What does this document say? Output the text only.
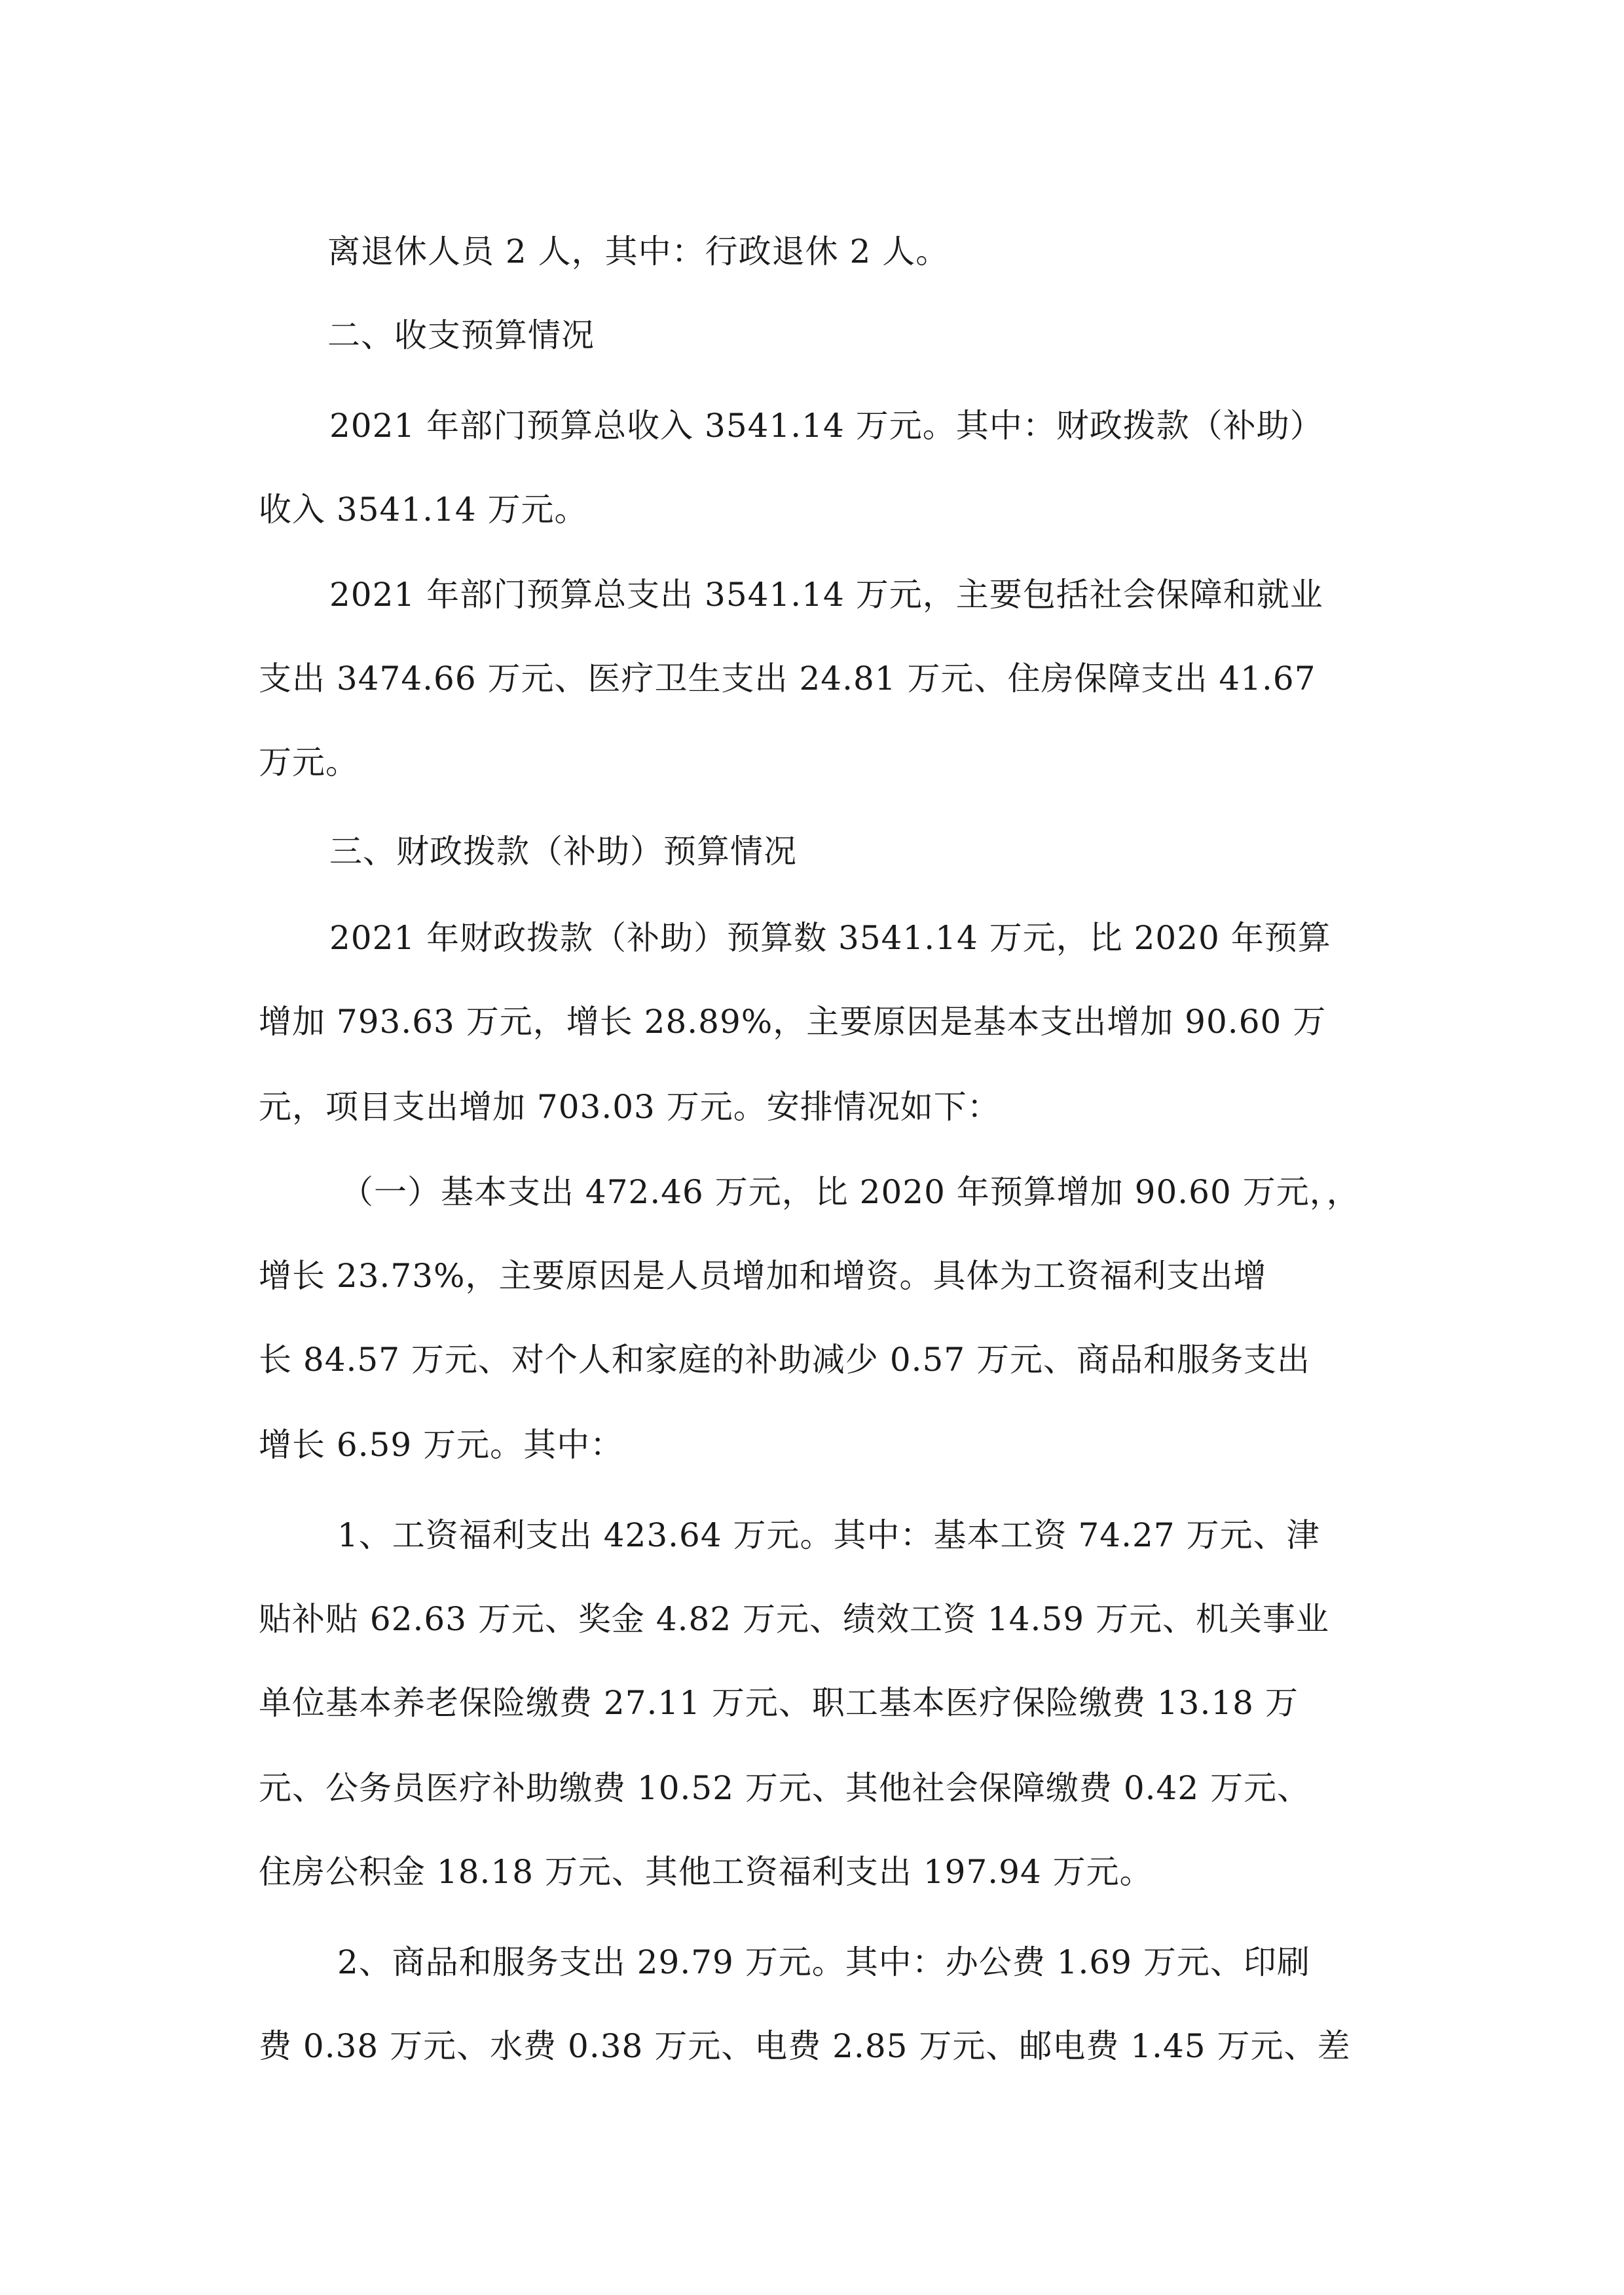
离退休人员 2 人，其中：行政退休 2 人。
二、收支预算情况
2021 年部门预算总收入 3541.14 万元。其中：财政拨款（补助）
收入 3541.14 万元。
2021 年部门预算总支出 3541.14 万元，主要包括社会保障和就业
支出 3474.66 万元、医疗卫生支出 24.81 万元、住房保障支出 41.67
万元。
三、财政拨款（补助）预算情况
2021 年财政拨款（补助）预算数 3541.14 万元，比 2020 年预算
增加 793.63 万元，增长 28.89%，主要原因是基本支出增加 90.60 万
元，项目支出增加 703.03 万元。安排情况如下：
（一）基本支出 472.46 万元，比 2020 年预算增加 90.60 万元，，
增长 23.73%，主要原因是人员增加和增资。具体为工资福利支出增
长 84.57 万元、对个人和家庭的补助减少 0.57 万元、商品和服务支出
增长 6.59 万元。其中：
1、工资福利支出 423.64 万元。其中：基本工资 74.27 万元、津
贴补贴 62.63 万元、奖金 4.82 万元、绩效工资 14.59 万元、机关事业
单位基本养老保险缴费 27.11 万元、职工基本医疗保险缴费 13.18 万
元、公务员医疗补助缴费 10.52 万元、其他社会保障缴费 0.42 万元、
住房公积金 18.18 万元、其他工资福利支出 197.94 万元。
2、商品和服务支出 29.79 万元。其中：办公费 1.69 万元、印刷
费 0.38 万元、水费 0.38 万元、电费 2.85 万元、邮电费 1.45 万元、差
